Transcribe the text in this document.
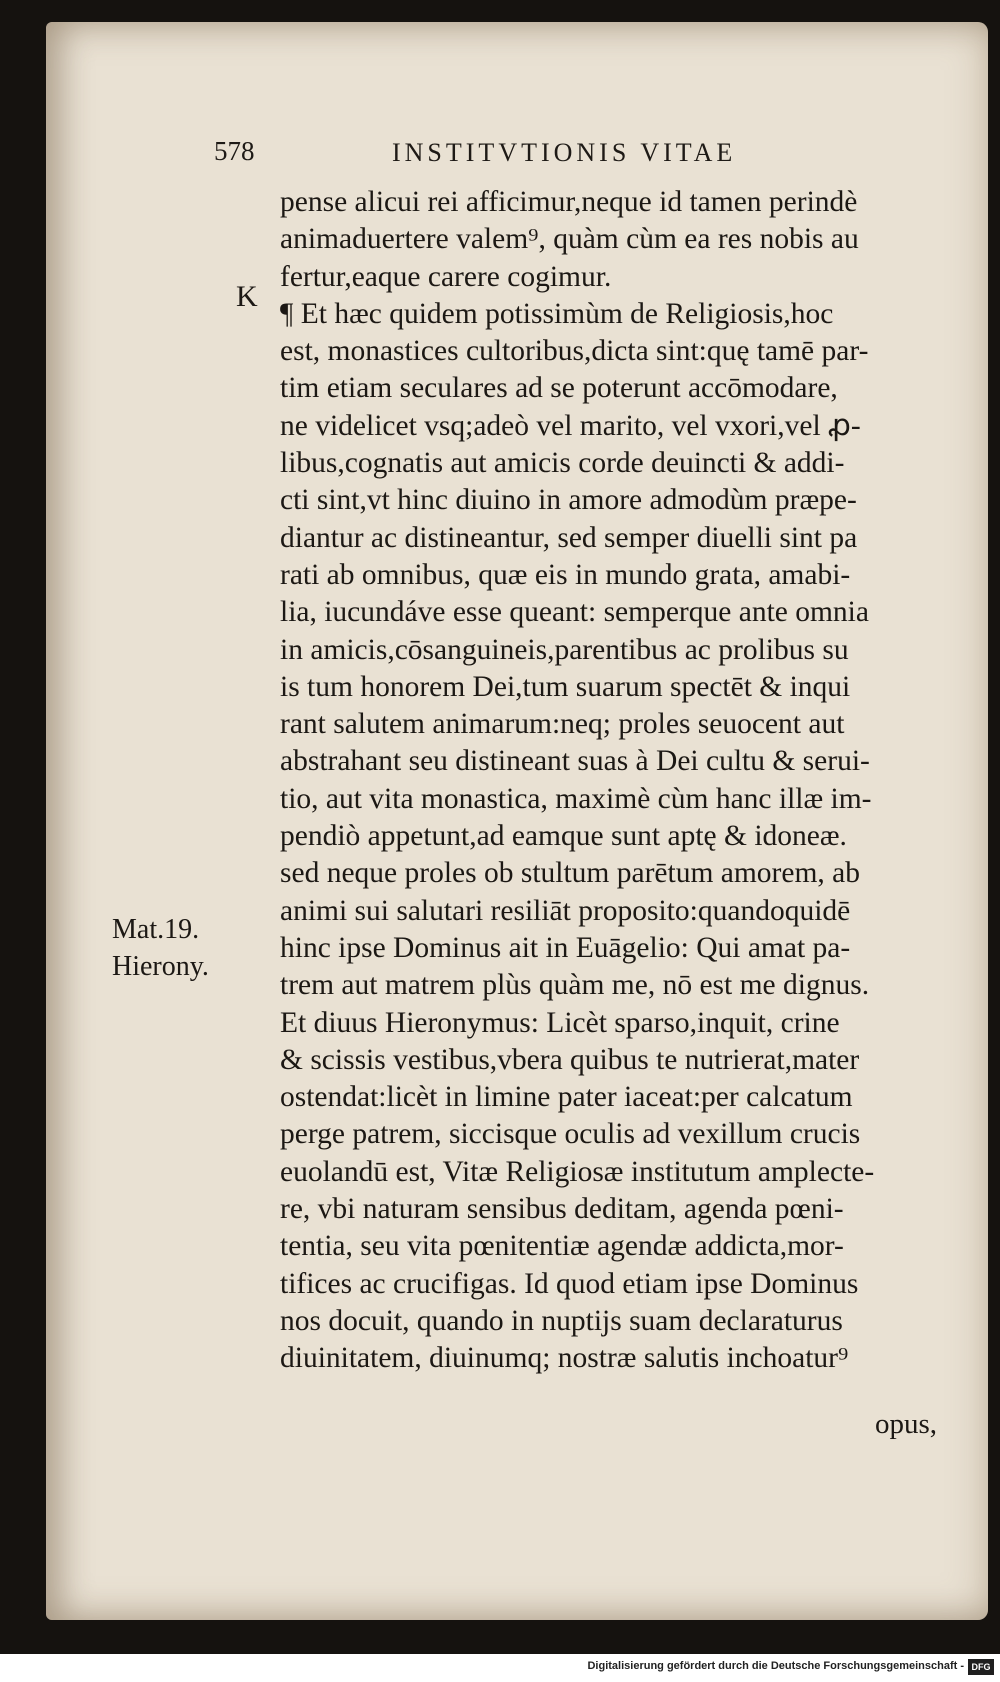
578	INSTITVTIONIS VITAE
K
Mat.19.
Hierony.
pense alicui rei afficimur,neque id tamen perindè
animaduertere valem⁹, quàm cùm ea res nobis au
fertur,eaque carere cogimur.
¶ Et hæc quidem potissimùm de Religiosis,hoc
est, monastices cultoribus,dicta sint:quę tamē par-
tim etiam seculares ad se poterunt accōmodare,
ne videlicet vsq;adeò vel marito, vel vxori,vel ꝓ-
libus,cognatis aut amicis corde deuincti & addi-
cti sint,vt hinc diuino in amore admodùm præpe-
diantur ac distineantur, sed semper diuelli sint pa
rati ab omnibus, quæ eis in mundo grata, amabi-
lia, iucundáve esse queant: semperque ante omnia
in amicis,cōsanguineis,parentibus ac prolibus su
is tum honorem Dei,tum suarum spectēt & inqui
rant salutem animarum:neq; proles seuocent aut
abstrahant seu distineant suas à Dei cultu & serui-
tio, aut vita monastica, maximè cùm hanc illæ im-
pendiò appetunt,ad eamque sunt aptę & idoneæ.
sed neque proles ob stultum parētum amorem, ab
animi sui salutari resiliāt proposito:quandoquidē
hinc ipse Dominus ait in Euāgelio: Qui amat pa-
trem aut matrem plùs quàm me, nō est me dignus.
Et diuus Hieronymus: Licèt sparso,inquit, crine
& scissis vestibus,vbera quibus te nutrierat,mater
ostendat:licèt in limine pater iaceat:per calcatum
perge patrem, siccisque oculis ad vexillum crucis
euolandū est, Vitæ Religiosæ institutum amplecte-
re, vbi naturam sensibus deditam, agenda pœni-
tentia, seu vita pœnitentiæ agendæ addicta,mor-
tifices ac crucifigas. Id quod etiam ipse Dominus
nos docuit, quando in nuptijs suam declaraturus
diuinitatem, diuinumq; nostræ salutis inchoatur⁹
opus,
Digitalisierung gefördert durch die Deutsche Forschungsgemeinschaft - DFG
